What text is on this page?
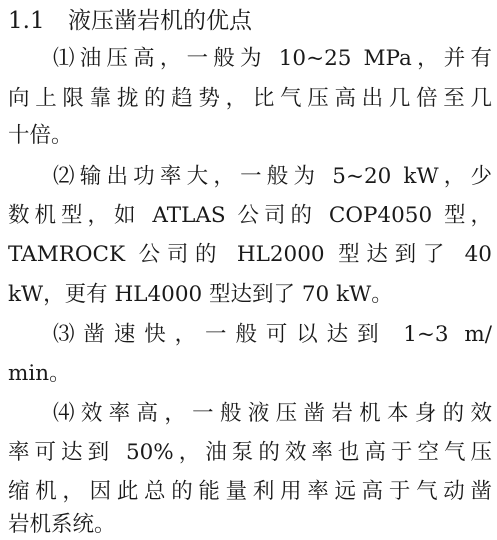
1.1 液压凿岩机的优点
⑴油压高，一般为 10~25 MPa，并有
向上限靠拢的趋势，比气压高出几倍至几
十倍。
⑵输出功率大，一般为 5~20 kW，少
数机型，如 ATLAS 公司的 COP4050 型，
TAMROCK 公司的 HL2000 型达到了 40
kW，更有 HL4000 型达到了 70 kW。
⑶凿速快，一般可以达到 1~3 m/
min。
⑷效率高，一般液压凿岩机本身的效
率可达到 50%，油泵的效率也高于空气压
缩机，因此总的能量利用率远高于气动凿
岩机系统。
